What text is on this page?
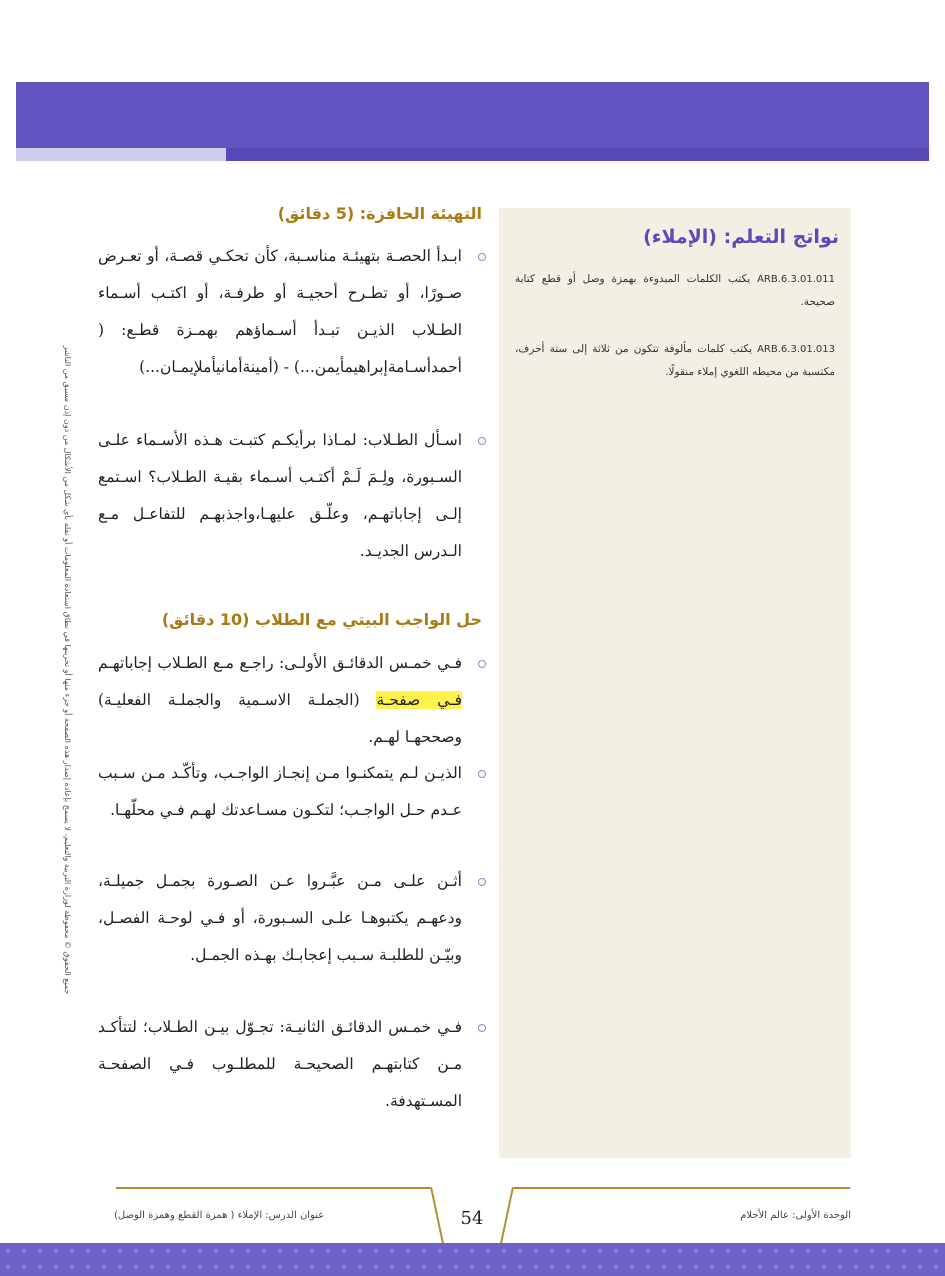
جميع الحقوق © محفوظة لوزارة التربية والتعليم، لا يسمح بإعادة إصدار هذه الصفحة أو جزء منها أو تخزينها في نطاق استعادة المعلومات أو نقله بأي شكل من الأشكال من دون إذن مسبق من الناشر
نواتج التعلم: (الإملاء)
ARB.6.3.01.011 يكتب الكلمات المبدوءة بهمزة وصل أو قطع كتابة صحيحة.
ARB.6.3.01.013 يكتب كلمات مألوفة تتكون من ثلاثة إلى ستة أحرف، مكتسبة من محيطه اللغوي إملاء منقولًا.
التهيئة الحافزة: (5 دقائق)
ابـدأ الحصـة بتهيئـة مناسـبة، كأن تحكـي قصـة، أو تعـرض صـورًا، أو تطـرح أحجيـة أو طرفـة، أو اكتـب أسـماء الطـلاب الذيـن تبـدأ أسـماؤهم بهمـزة قطـع: ( أحمدأسـامةإبراهيمأيمن...) - (أمينةأمانيأملإيمـان...)
اسـأل الطـلاب: لمـاذا برأيكـم كتبـت هـذه الأسـماء علـى السـبورة، ولِـمَ لَـمْ أكتـب أسـماء بقيـة الطـلاب؟ اسـتمع إلـى إجاباتهـم، وعلّـق عليهـا،واجذبهـم للتفاعـل مـع الـدرس الجديـد.
حل الواجب البيتي مع الطلاب (10 دقائق)
فـي خمـس الدقائـق الأولـى: راجـع مـع الطـلاب إجاباتهـم فـي صفحـة (الجملـة الاسـمية والجملـة الفعليـة) وصححهـا لهـم.
الذيـن لـم يتمكنـوا مـن إنجـاز الواجـب، وتأكّـد مـن سـبب عـدم حـل الواجـب؛ لتكـون مسـاعدتك لهـم فـي محلّهـا.
أثـن علـى مـن عبَّـروا عـن الصـورة بجمـل جميلـة، ودعهـم يكتبوهـا علـى السـبورة، أو فـي لوحـة الفصـل، وبيّـن للطلبـة سـبب إعجابـك بهـذه الجمـل.
فـي خمـس الدقائـق الثانيـة: تجـوّل بيـن الطـلاب؛ لتتأكـد مـن كتابتهـم الصحيحـة للمطلـوب فـي الصفحـة المسـتهدفة.
54
عنوان الدرس: الإملاء ( همزة القطع وهمزة الوصل)	الوحدة الأولى: عالم الأحلام
